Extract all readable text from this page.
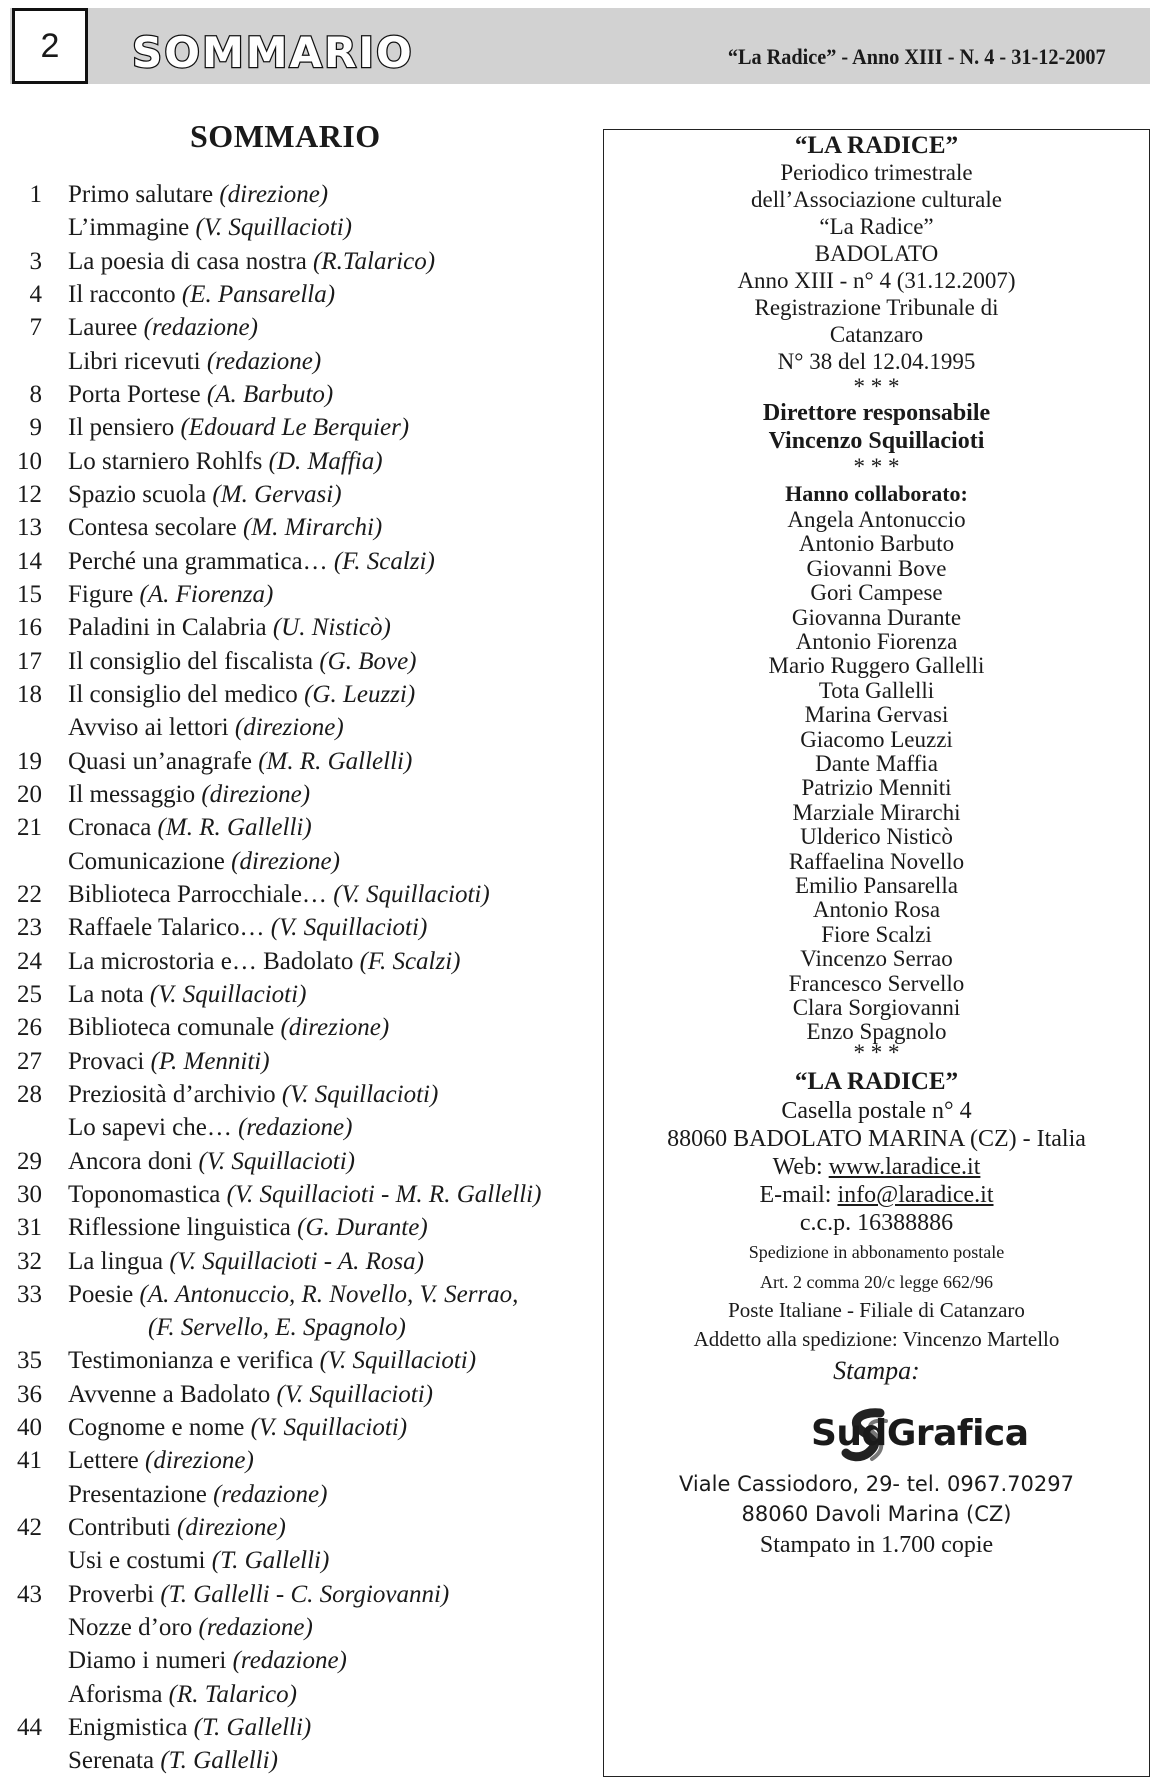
SOMMARIO	“La Radice” - Anno XIII - N. 4 - 31-12-2007
2
SOMMARIO
1 Primo salutare (direzione)
L’immagine (V. Squillacioti)
3 La poesia di casa nostra (R.Talarico)
4 Il racconto (E. Pansarella)
7 Lauree (redazione)
Libri ricevuti (redazione)
8 Porta Portese (A. Barbuto)
9 Il pensiero (Edouard Le Berquier)
10 Lo starniero Rohlfs (D. Maffia)
12 Spazio scuola (M. Gervasi)
13 Contesa secolare (M. Mirarchi)
14 Perché una grammatica… (F. Scalzi)
15 Figure (A. Fiorenza)
16 Paladini in Calabria (U. Nisticò)
17 Il consiglio del fiscalista (G. Bove)
18 Il consiglio del medico (G. Leuzzi)
Avviso ai lettori (direzione)
19 Quasi un’anagrafe (M. R. Gallelli)
20 Il messaggio (direzione)
21 Cronaca (M. R. Gallelli)
Comunicazione (direzione)
22 Biblioteca Parrocchiale… (V. Squillacioti)
23 Raffaele Talarico… (V. Squillacioti)
24 La microstoria e… Badolato (F. Scalzi)
25 La nota (V. Squillacioti)
26 Biblioteca comunale (direzione)
27 Provaci (P. Menniti)
28 Preziosità d’archivio (V. Squillacioti)
Lo sapevi che… (redazione)
29 Ancora doni (V. Squillacioti)
30 Toponomastica (V. Squillacioti - M. R. Gallelli)
31 Riflessione linguistica (G. Durante)
32 La lingua (V. Squillacioti - A. Rosa)
33 Poesie (A. Antonuccio, R. Novello, V. Serrao,
(F. Servello, E. Spagnolo)
35 Testimonianza e verifica (V. Squillacioti)
36 Avvenne a Badolato (V. Squillacioti)
40 Cognome e nome (V. Squillacioti)
41 Lettere (direzione)
Presentazione (redazione)
42 Contributi (direzione)
Usi e costumi (T. Gallelli)
43 Proverbi (T. Gallelli - C. Sorgiovanni)
Nozze d’oro (redazione)
Diamo i numeri (redazione)
Aforisma (R. Talarico)
44 Enigmistica (T. Gallelli)
Serenata (T. Gallelli)
“LA RADICE”
Periodico trimestrale
dell’Associazione culturale
“La Radice”
BADOLATO
Anno XIII - n° 4 (31.12.2007)
Registrazione Tribunale di
Catanzaro
N° 38 del 12.04.1995
* * *
Direttore responsabile
Vincenzo Squillacioti
* * *
Hanno collaborato:
Angela Antonuccio
Antonio Barbuto
Giovanni Bove
Gori Campese
Giovanna Durante
Antonio Fiorenza
Mario Ruggero Gallelli
Tota Gallelli
Marina Gervasi
Giacomo Leuzzi
Dante Maffia
Patrizio Menniti
Marziale Mirarchi
Ulderico Nisticò
Raffaelina Novello
Emilio Pansarella
Antonio Rosa
Fiore Scalzi
Vincenzo Serrao
Francesco Servello
Clara Sorgiovanni
Enzo Spagnolo
* * *
“LA RADICE”
Casella postale n° 4
88060 BADOLATO MARINA (CZ) - Italia
Web: www.laradice.it
E-mail: info@laradice.it
c.c.p. 16388886
Spedizione in abbonamento postale
Art. 2 comma 20/c legge 662/96
Poste Italiane - Filiale di Catanzaro
Addetto alla spedizione: Vincenzo Martello
Stampa:
SudGrafica
Viale Cassiodoro, 29- tel. 0967.70297
88060 Davoli Marina (CZ)
Stampato in 1.700 copie
